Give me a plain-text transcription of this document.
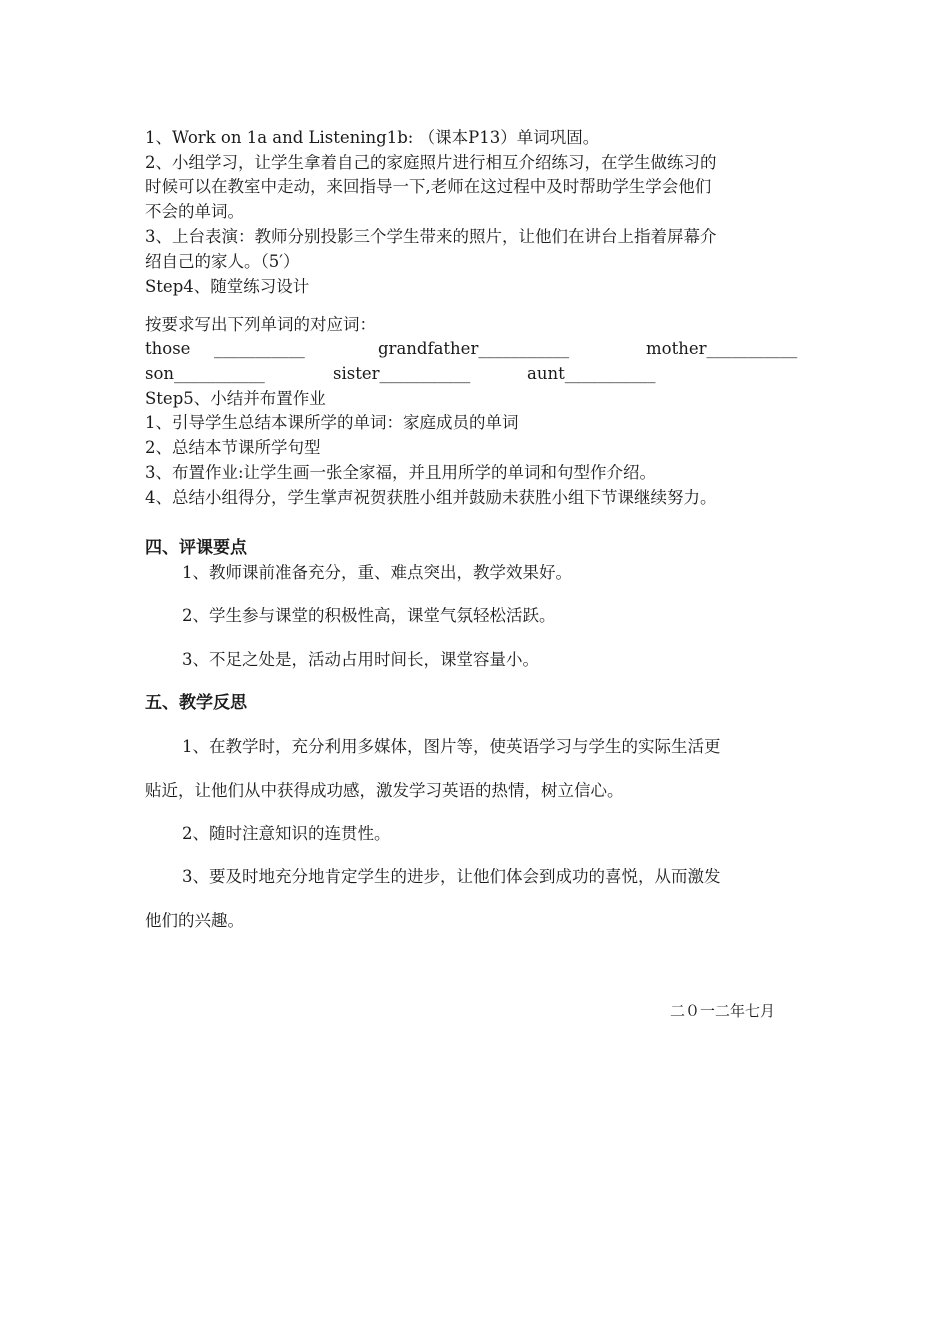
1、Work on 1a and Listening1b: （课本P13）单词巩固。
2、小组学习，让学生拿着自己的家庭照片进行相互介绍练习，在学生做练习的
时候可以在教室中走动，来回指导一下,老师在这过程中及时帮助学生学会他们
不会的单词。
3、上台表演：教师分别投影三个学生带来的照片，让他们在讲台上指着屏幕介
绍自己的家人。（5′）
Step4、随堂练习设计
按要求写出下列单词的对应词：
those ___________	grandfather___________	mother___________
son___________	sister___________	aunt___________
Step5、小结并布置作业
1、引导学生总结本课所学的单词：家庭成员的单词
2、总结本节课所学句型
3、布置作业:让学生画一张全家福，并且用所学的单词和句型作介绍。
4、总结小组得分，学生掌声祝贺获胜小组并鼓励未获胜小组下节课继续努力。
四、评课要点
1、教师课前准备充分，重、难点突出，教学效果好。
2、学生参与课堂的积极性高，课堂气氛轻松活跃。
3、不足之处是，活动占用时间长，课堂容量小。
五、教学反思
1、在教学时，充分利用多媒体，图片等，使英语学习与学生的实际生活更
贴近，让他们从中获得成功感，激发学习英语的热情，树立信心。
2、随时注意知识的连贯性。
3、要及时地充分地肯定学生的进步，让他们体会到成功的喜悦，从而激发
他们的兴趣。
二０一二年七月
